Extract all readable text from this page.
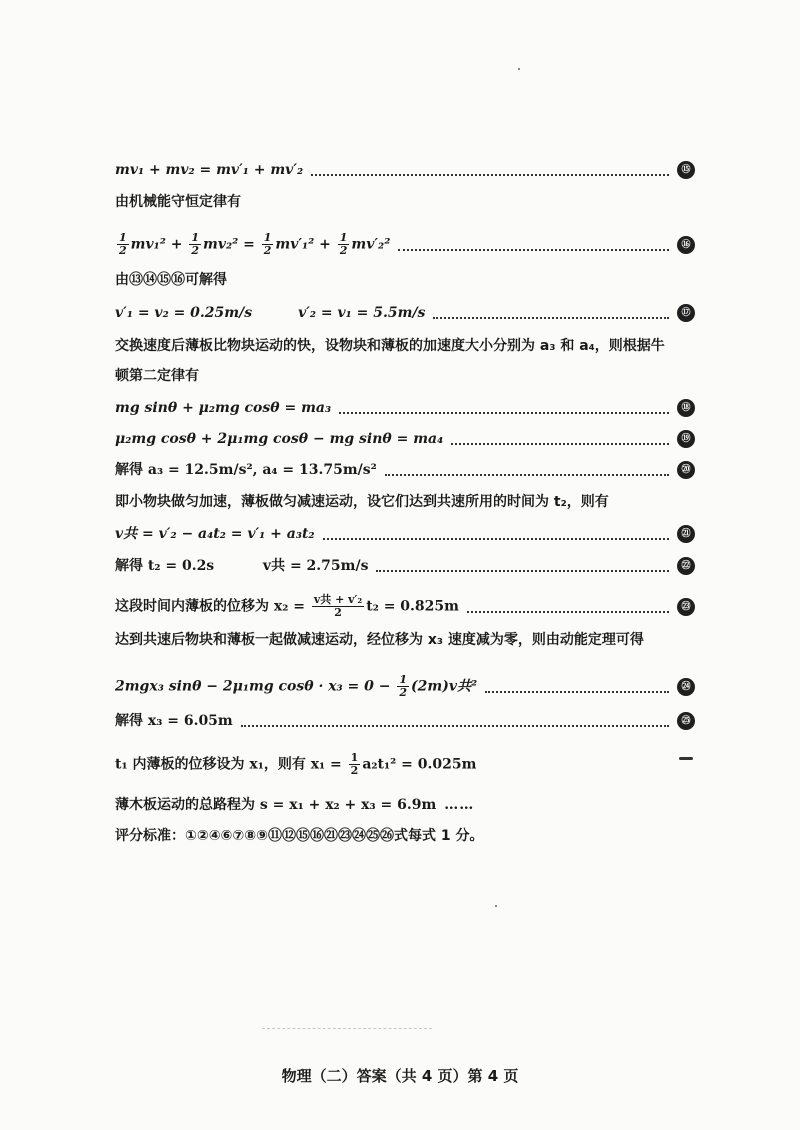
mv₁ + mv₂ = mv′₁ + mv′₂	⑮
由机械能守恒定律有
$\frac{1}{2} mv_1^2 + \frac{1}{2} mv_2^2 = \frac{1}{2} mv'_1^2 + \frac{1}{2} mv'_2^2$	⑯
由⑬⑭⑮⑯可解得
v′₁ = v₂ = 0.25m/s	v′₂ = v₁ = 5.5m/s	⑰
交换速度后薄板比物块运动的快，设物块和薄板的加速度大小分别为 a₃ 和 a₄，则根据牛
顿第二定律有
mg sinθ + μ₂mg cosθ = ma₃	⑱
μ₂mg cosθ + 2μ₁mg cosθ − mg sinθ = ma₄	⑲
解得 a₃ = 12.5m/s², a₄ = 13.75m/s²	⑳
即小物块做匀加速，薄板做匀减速运动，设它们达到共速所用的时间为 t₂，则有
v共 = v′₂ − a₄t₂ = v′₁ + a₃t₂	㉑
解得 t₂ = 0.2s          v共 = 2.75m/s	㉒
这段时间内薄板的位移为 $x_2 = \frac{\text{v共 + v′₂}}{2} t_2 = 0.825m$	㉓
达到共速后物块和薄板一起做减速运动，经位移为 x₃ 速度减为零，则由动能定理可得
2mgx₃ sinθ − 2μ₁mg $\cos\theta \cdot x_3 = 0 - \frac{1}{2} (2m)v$共²	㉔
解得 x₃ = 6.05m	㉕
t₁ 内薄板的位移设为 x₁，则有 $x_1 = \frac{1}{2} a_2t_1^2 = 0.025m$
薄木板运动的总路程为 s = x₁ + x₂ + x₃ = 6.9m ……
评分标准：①②④⑥⑦⑧⑨⑪⑫⑮⑯㉑㉓㉔㉕㉖式每式 1 分。
物理（二）答案（共 4 页）第 4 页
